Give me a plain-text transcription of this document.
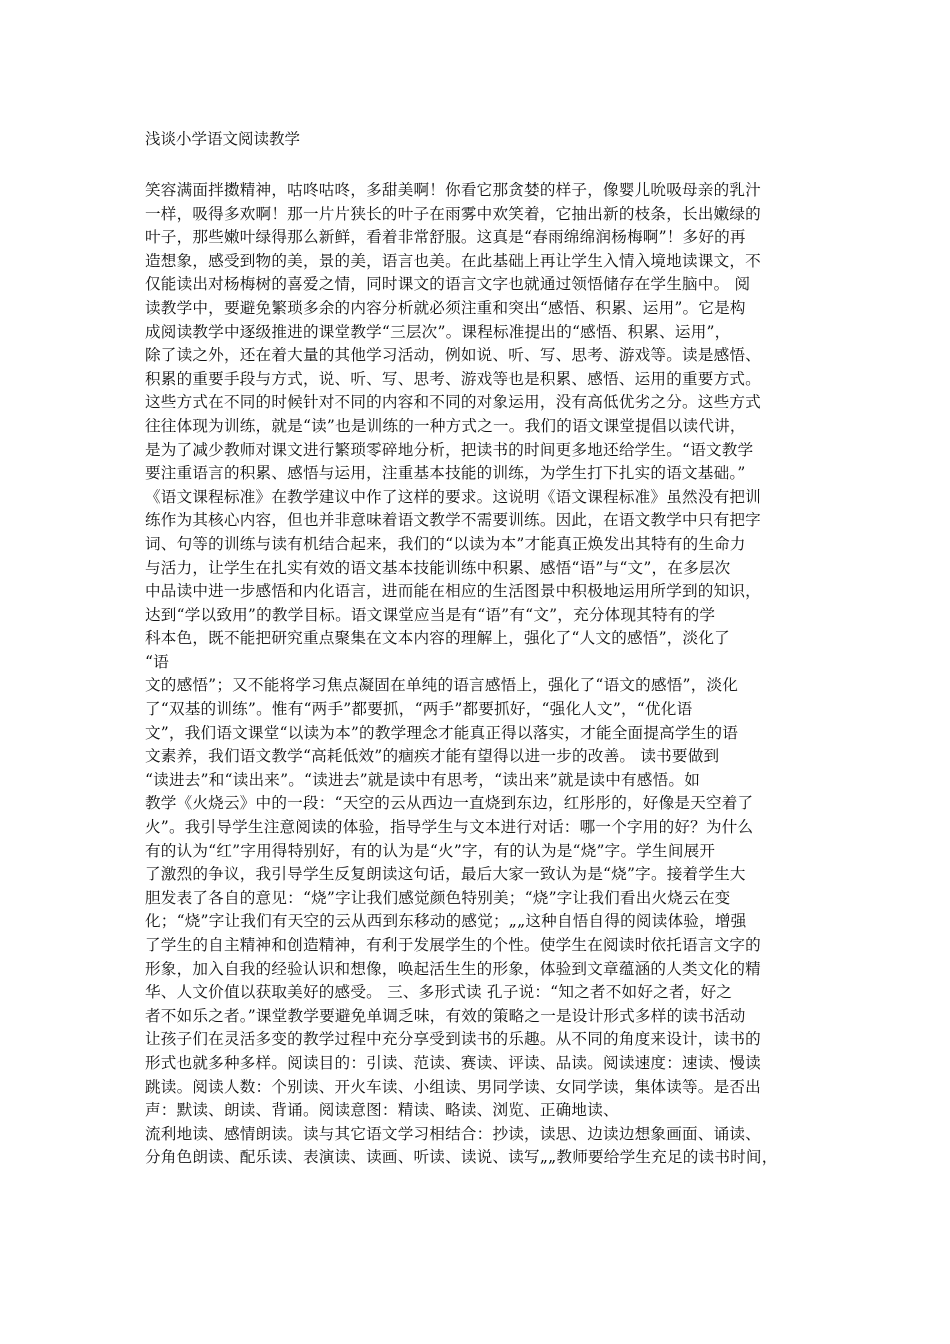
浅谈小学语文阅读教学
笑容满面拌擞精神，咕咚咕咚，多甜美啊！你看它那贪婪的样子，像婴儿吮吸母亲的乳汁
一样，吸得多欢啊！那一片片狭长的叶子在雨雾中欢笑着，它抽出新的枝条，长出嫩绿的
叶子，那些嫩叶绿得那么新鲜，看着非常舒服。这真是“春雨绵绵润杨梅啊”！多好的再
造想象，感受到物的美，景的美，语言也美。在此基础上再让学生入情入境地读课文，不
仅能读出对杨梅树的喜爱之情，同时课文的语言文字也就通过领悟储存在学生脑中。 阅
读教学中，要避免繁琐多余的内容分析就必须注重和突出“感悟、积累、运用”。它是构
成阅读教学中逐级推进的课堂教学“三层次”。课程标准提出的“感悟、积累、运用”，
除了读之外，还在着大量的其他学习活动，例如说、听、写、思考、游戏等。读是感悟、
积累的重要手段与方式，说、听、写、思考、游戏等也是积累、感悟、运用的重要方式。
这些方式在不同的时候针对不同的内容和不同的对象运用，没有高低优劣之分。这些方式
往往体现为训练，就是“读”也是训练的一种方式之一。我们的语文课堂提倡以读代讲，
是为了减少教师对课文进行繁琐零碎地分析，把读书的时间更多地还给学生。“语文教学
要注重语言的积累、感悟与运用，注重基本技能的训练，为学生打下扎实的语文基础。”
《语文课程标准》在教学建议中作了这样的要求。这说明《语文课程标准》虽然没有把训
练作为其核心内容，但也并非意味着语文教学不需要训练。因此，在语文教学中只有把字
词、句等的训练与读有机结合起来，我们的“以读为本”才能真正焕发出其特有的生命力
与活力，让学生在扎实有效的语文基本技能训练中积累、感悟“语”与“文”，在多层次
中品读中进一步感悟和内化语言，进而能在相应的生活图景中积极地运用所学到的知识，
达到“学以致用”的教学目标。语文课堂应当是有“语”有“文”，充分体现其特有的学
科本色，既不能把研究重点聚集在文本内容的理解上，强化了“人文的感悟”，淡化了
“语
文的感悟”；又不能将学习焦点凝固在单纯的语言感悟上，强化了“语文的感悟”，淡化
了“双基的训练”。惟有“两手”都要抓，“两手”都要抓好，“强化人文”，“优化语
文”，我们语文课堂“以读为本”的教学理念才能真正得以落实，才能全面提高学生的语
文素养，我们语文教学“高耗低效”的痼疾才能有望得以进一步的改善。 读书要做到
“读进去”和“读出来”。“读进去”就是读中有思考，“读出来”就是读中有感悟。如
教学《火烧云》中的一段：“天空的云从西边一直烧到东边，红彤彤的，好像是天空着了
火”。我引导学生注意阅读的体验，指导学生与文本进行对话：哪一个字用的好？为什么
有的认为“红”字用得特别好，有的认为是“火”字，有的认为是“烧”字。学生间展开
了激烈的争议，我引导学生反复朗读这句话，最后大家一致认为是“烧”字。接着学生大
胆发表了各自的意见：“烧”字让我们感觉颜色特别美；“烧”字让我们看出火烧云在变
化；“烧”字让我们有天空的云从西到东移动的感觉；„„这种自悟自得的阅读体验，增强
了学生的自主精神和创造精神，有利于发展学生的个性。使学生在阅读时依托语言文字的
形象，加入自我的经验认识和想像，唤起活生生的形象，体验到文章蕴涵的人类文化的精
华、人文价值以获取美好的感受。 三、多形式读 孔子说：“知之者不如好之者，好之
者不如乐之者。”课堂教学要避免单调乏味，有效的策略之一是设计形式多样的读书活动
让孩子们在灵活多变的教学过程中充分享受到读书的乐趣。从不同的角度来设计，读书的
形式也就多种多样。阅读目的：引读、范读、赛读、评读、品读。阅读速度：速读、慢读
跳读。阅读人数：个别读、开火车读、小组读、男同学读、女同学读，集体读等。是否出
声：默读、朗读、背诵。阅读意图：精读、略读、浏览、正确地读、
流利地读、感情朗读。读与其它语文学习相结合：抄读，读思、边读边想象画面、诵读、
分角色朗读、配乐读、表演读、读画、听读、读说、读写„„教师要给学生充足的读书时间，
